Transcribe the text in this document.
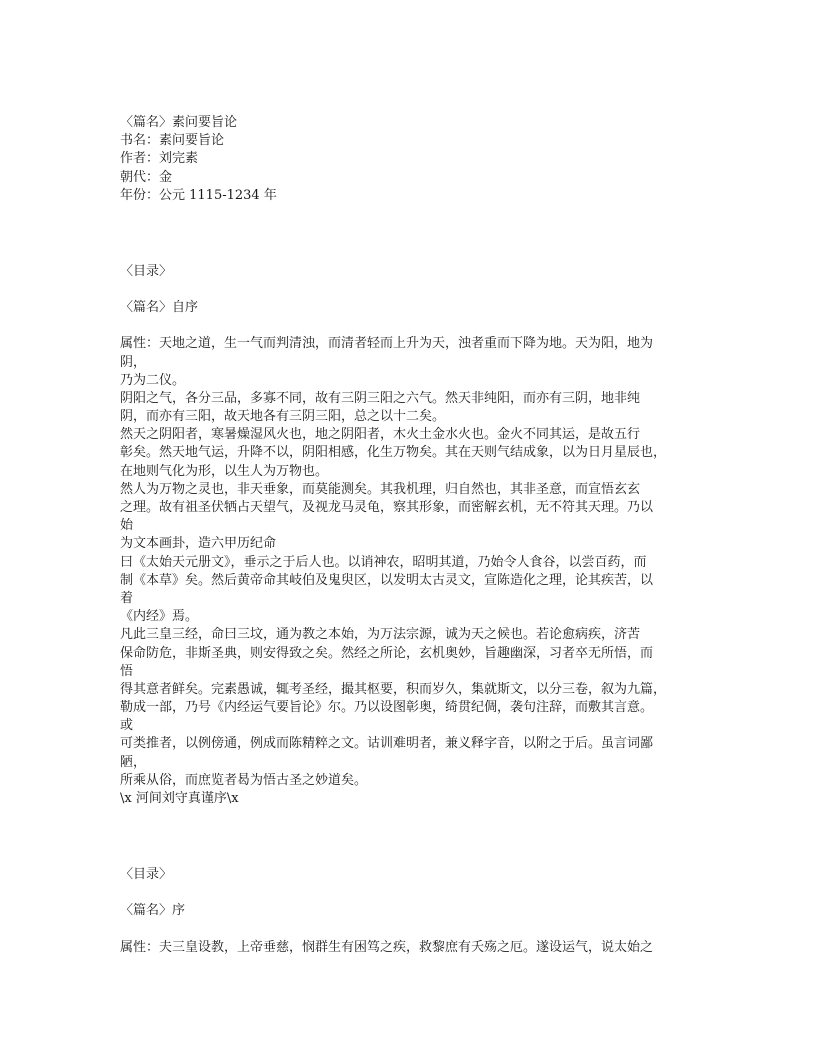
〈篇名〉素问要旨论
书名：素问要旨论
作者：刘完素
朝代：金
年份：公元 1115-1234 年
〈目录〉
〈篇名〉自序
属性：天地之道，生一气而判清浊，而清者轻而上升为天，浊者重而下降为地。天为阳，地为
阴，
乃为二仪。
阴阳之气，各分三品，多寡不同，故有三阴三阳之六气。然天非纯阳，而亦有三阴，地非纯
阴，而亦有三阳，故天地各有三阴三阳，总之以十二矣。
然天之阴阳者，寒暑燥湿风火也，地之阴阳者，木火土金水火也。金火不同其运，是故五行
彰矣。然天地气运，升降不以，阴阳相感，化生万物矣。其在天则气结成象，以为日月星辰也，
在地则气化为形，以生人为万物也。
然人为万物之灵也，非天垂象，而莫能测矣。其我机理，归自然也，其非圣意，而宣悟玄玄
之理。故有祖圣伏牺占天望气，及视龙马灵龟，察其形象，而密解玄机，无不符其天理。乃以
始
为文本画卦，造六甲历纪命
曰《太始天元册文》，垂示之于后人也。以诮神农，昭明其道，乃始令人食谷，以尝百药，而
制《本草》矣。然后黄帝命其岐伯及鬼臾区，以发明太古灵文，宣陈造化之理，论其疾苦，以
着
《内经》焉。
凡此三皇三经，命曰三坟，通为教之本始，为万法宗源，诚为天之候也。若论愈病疾，济苦
保命防危，非斯圣典，则安得致之矣。然经之所论，玄机奥妙，旨趣幽深，习者卒无所悟，而
悟
得其意者鲜矣。完素愚诚，辄考圣经，撮其枢要，积而岁久，集就斯文，以分三卷，叙为九篇，
勒成一部，乃号《内经运气要旨论》尔。乃以设图彰奥，绮贯纪倜，袭句注辞，而敷其言意。
或
可类推者，以例傍通，例成而陈精粹之文。诂训难明者，兼义释字音，以附之于后。虽言词鄙
陋，
所乘从俗，而庶览者曷为悟古圣之妙道矣。
\x 河间刘守真谨序\x
〈目录〉
〈篇名〉序
属性：夫三皇设教，上帝垂慈，悯群生有困笃之疾，救黎庶有夭殇之厄。遂设运气，说太始之
